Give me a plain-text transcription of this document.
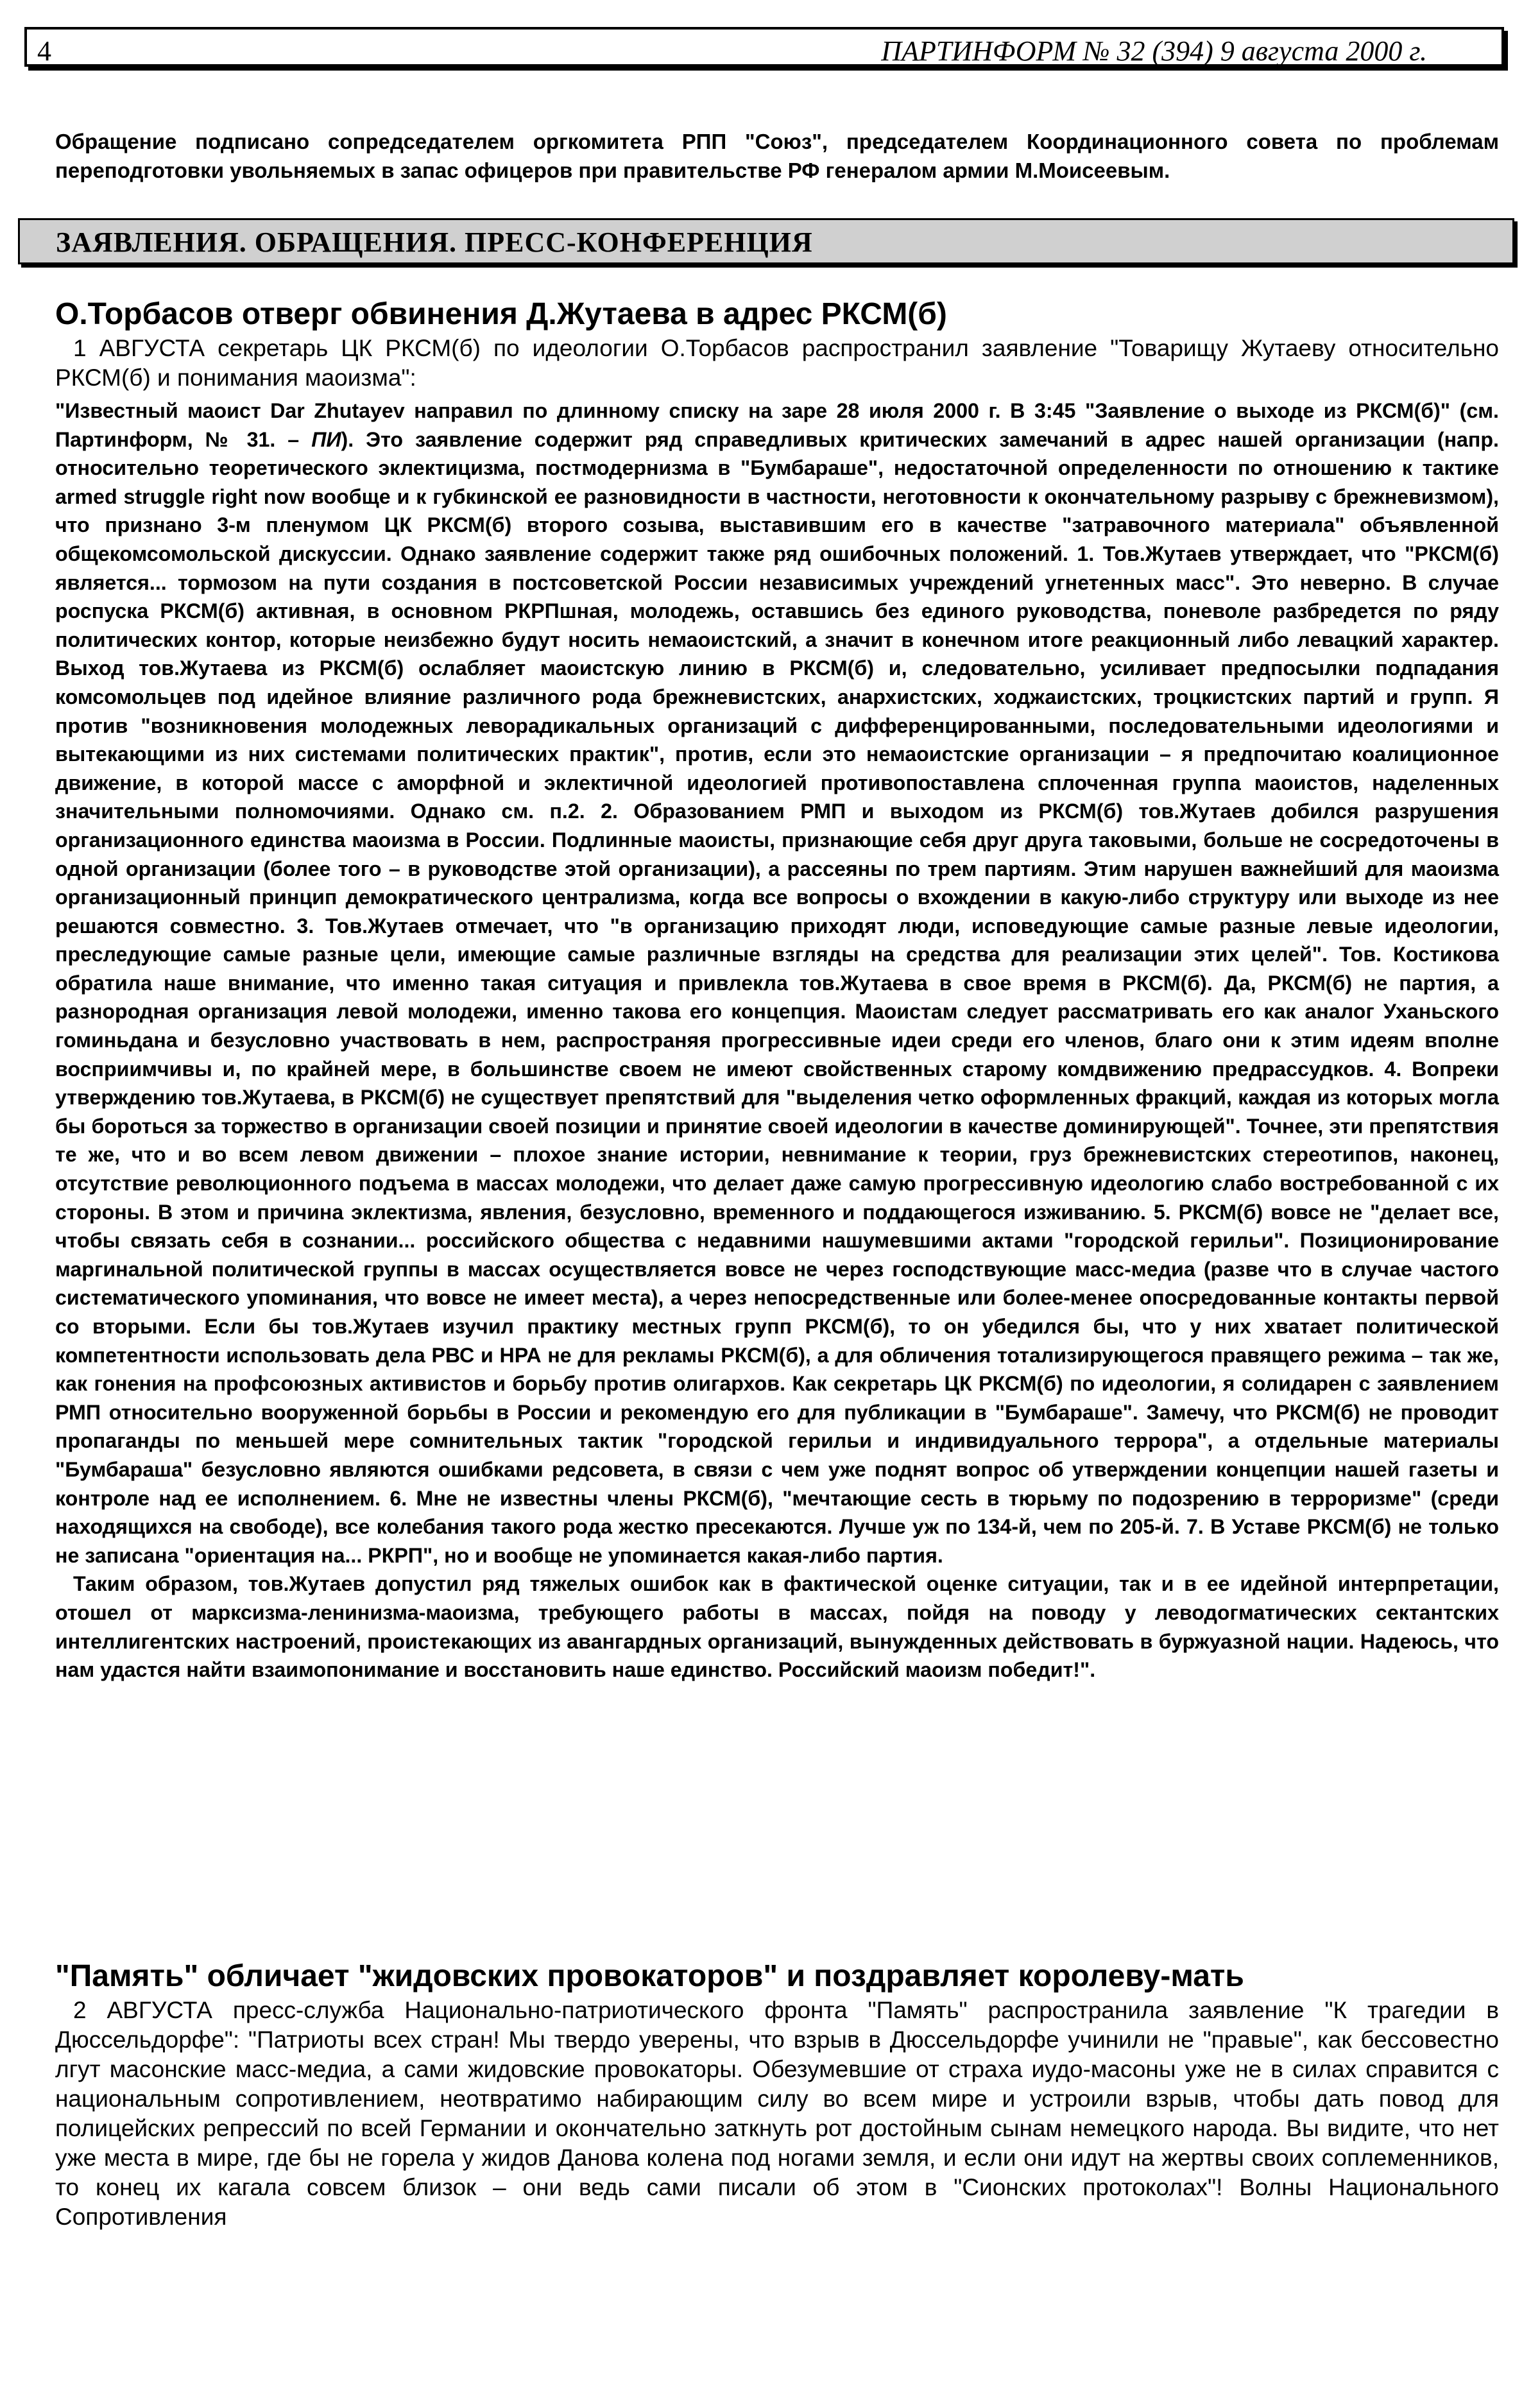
4	ПАРТИНФОРМ № 32 (394) 9 августа 2000 г.

Обращение подписано сопредседателем оргкомитета РПП "Союз", председателем Координационного совета по проблемам переподготовки увольняемых в запас офицеров при правительстве РФ генералом армии М.Моисеевым.

ЗАЯВЛЕНИЯ. ОБРАЩЕНИЯ. ПРЕСС-КОНФЕРЕНЦИЯ
О.Торбасов отверг обвинения Д.Жутаева в адрес РКСМ(б)

1 АВГУСТА секретарь ЦК РКСМ(б) по идеологии О.Торбасов распространил заявление "Товарищу Жутаеву относительно РКСМ(б) и понимания маоизма":

"Известный маоист Dar Zhutayev направил по длинному списку на заре 28 июля 2000 г. В 3:45 "Заявление о выходе из РКСМ(б)" (см. Партинформ, № 31. – ПИ). Это заявление содержит ряд справедливых критических замечаний в адрес нашей организации (напр. относительно теоретического эклектицизма, постмодернизма в "Бумбараше", недостаточной определенности по отношению к тактике armed struggle right now вообще и к губкинской ее разновидности в частности, неготовности к окончательному разрыву с брежневизмом), что признано 3-м пленумом ЦК РКСМ(б) второго созыва, выставившим его в качестве "затравочного материала" объявленной общекомсомольской дискуссии. Однако заявление содержит также ряд ошибочных положений. 1. Тов.Жутаев утверждает, что "РКСМ(б) является... тормозом на пути создания в постсоветской России независимых учреждений угнетенных масс". Это неверно. В случае роспуска РКСМ(б) активная, в основном РКРПшная, молодежь, оставшись без единого руководства, поневоле разбредется по ряду политических контор, которые неизбежно будут носить немаоистский, а значит в конечном итоге реакционный либо левацкий характер. Выход тов.Жутаева из РКСМ(б) ослабляет маоистскую линию в РКСМ(б) и, следовательно, усиливает предпосылки подпадания комсомольцев под идейное влияние различного рода брежневистских, анархистских, ходжаистских, троцкистских партий и групп. Я против "возникновения молодежных леворадикальных организаций с дифференцированными, последовательными идеологиями и вытекающими из них системами политических практик", против, если это немаоистские организации – я предпочитаю коалиционное движение, в которой массе с аморфной и эклектичной идеологией противопоставлена сплоченная группа маоистов, наделенных значительными полномочиями. Однако см. п.2. 2. Образованием РМП и выходом из РКСМ(б) тов.Жутаев добился разрушения организационного единства маоизма в России. Подлинные маоисты, признающие себя друг друга таковыми, больше не сосредоточены в одной организации (более того – в руководстве этой организации), а рассеяны по трем партиям. Этим нарушен важнейший для маоизма организационный принцип демократического централизма, когда все вопросы о вхождении в какую-либо структуру или выходе из нее решаются совместно. 3. Тов.Жутаев отмечает, что "в организацию приходят люди, исповедующие самые разные левые идеологии, преследующие самые разные цели, имеющие самые различные взгляды на средства для реализации этих целей". Тов. Костикова обратила наше внимание, что именно такая ситуация и привлекла тов.Жутаева в свое время в РКСМ(б). Да, РКСМ(б) не партия, а разнородная организация левой молодежи, именно такова его концепция. Маоистам следует рассматривать его как аналог Уханьского гоминьдана и безусловно участвовать в нем, распространяя прогрессивные идеи среди его членов, благо они к этим идеям вполне восприимчивы и, по крайней мере, в большинстве своем не имеют свойственных старому комдвижению предрассудков. 4. Вопреки утверждению тов.Жутаева, в РКСМ(б) не существует препятствий для "выделения четко оформленных фракций, каждая из которых могла бы бороться за торжество в организации своей позиции и принятие своей идеологии в качестве доминирующей". Точнее, эти препятствия те же, что и во всем левом движении – плохое знание истории, невнимание к теории, груз брежневистских стереотипов, наконец, отсутствие революционного подъема в массах молодежи, что делает даже самую прогрессивную идеологию слабо востребованной с их стороны. В этом и причина эклектизма, явления, безусловно, временного и поддающегося изживанию. 5. РКСМ(б) вовсе не "делает все, чтобы связать себя в сознании... российского общества с недавними нашумевшими актами "городской герильи". Позиционирование маргинальной политической группы в массах осуществляется вовсе не через господствующие масс-медиа (разве что в случае частого систематического упоминания, что вовсе не имеет места), а через непосредственные или более-менее опосредованные контакты первой со вторыми. Если бы тов.Жутаев изучил практику местных групп РКСМ(б), то он убедился бы, что у них хватает политической компетентности использовать дела РВС и НРА не для рекламы РКСМ(б), а для обличения тотализирующегося правящего режима – так же, как гонения на профсоюзных активистов и борьбу против олигархов. Как секретарь ЦК РКСМ(б) по идеологии, я солидарен с заявлением РМП относительно вооруженной борьбы в России и рекомендую его для публикации в "Бумбараше". Замечу, что РКСМ(б) не проводит пропаганды по меньшей мере сомнительных тактик "городской герильи и индивидуального террора", а отдельные материалы "Бумбараша" безусловно являются ошибками редсовета, в связи с чем уже поднят вопрос об утверждении концепции нашей газеты и контроле над ее исполнением. 6. Мне не известны члены РКСМ(б), "мечтающие сесть в тюрьму по подозрению в терроризме" (среди находящихся на свободе), все колебания такого рода жестко пресекаются. Лучше уж по 134-й, чем по 205-й. 7. В Уставе РКСМ(б) не только не записана "ориентация на... РКРП", но и вообще не упоминается какая-либо партия.

Таким образом, тов.Жутаев допустил ряд тяжелых ошибок как в фактической оценке ситуации, так и в ее идейной интерпретации, отошел от марксизма-ленинизма-маоизма, требующего работы в массах, пойдя на поводу у леводогматических сектантских интеллигентских настроений, проистекающих из авангардных организаций, вынужденных действовать в буржуазной нации. Надеюсь, что нам удастся найти взаимопонимание и восстановить наше единство. Российский маоизм победит!".

"Память" обличает "жидовских провокаторов" и поздравляет королеву-мать

2 АВГУСТА пресс-служба Национально-патриотического фронта "Память" распространила заявление "К трагедии в Дюссельдорфе": "Патриоты всех стран! Мы твердо уверены, что взрыв в Дюссельдорфе учинили не "правые", как бессовестно лгут масонские масс-медиа, а сами жидовские провокаторы. Обезумевшие от страха иудо-масоны уже не в силах справится с национальным сопротивлением, неотвратимо набирающим силу во всем мире и устроили взрыв, чтобы дать повод для полицейских репрессий по всей Германии и окончательно заткнуть рот достойным сынам немецкого народа. Вы видите, что нет уже места в мире, где бы не горела у жидов Данова колена под ногами земля, и если они идут на жертвы своих соплеменников, то конец их кагала совсем близок – они ведь сами писали об этом в "Сионских протоколах"! Волны Национального Сопротивления
